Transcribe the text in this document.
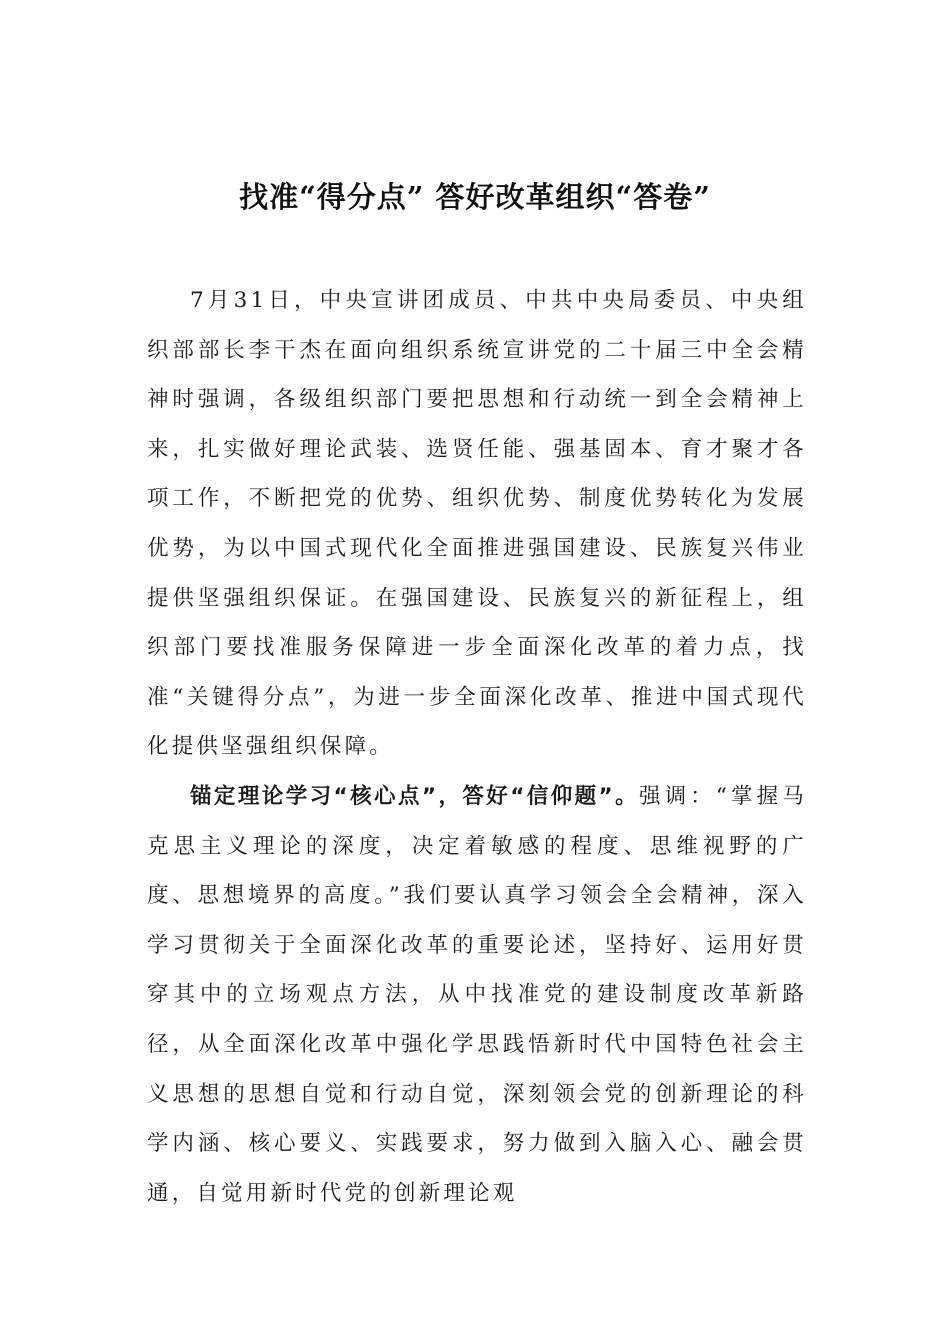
找准“得分点” 答好改革组织“答卷”

7月31日，中央宣讲团成员、中共中央局委员、中央组织部部长李干杰在面向组织系统宣讲党的二十届三中全会精神时强调，各级组织部门要把思想和行动统一到全会精神上来，扎实做好理论武装、选贤任能、强基固本、育才聚才各项工作，不断把党的优势、组织优势、制度优势转化为发展优势，为以中国式现代化全面推进强国建设、民族复兴伟业提供坚强组织保证。在强国建设、民族复兴的新征程上，组织部门要找准服务保障进一步全面深化改革的着力点，找准“关键得分点”，为进一步全面深化改革、推进中国式现代化提供坚强组织保障。

锚定理论学习“核心点”，答好“信仰题”。强调：“掌握马克思主义理论的深度，决定着敏感的程度、思维视野的广度、思想境界的高度。”我们要认真学习领会全会精神，深入学习贯彻关于全面深化改革的重要论述，坚持好、运用好贯穿其中的立场观点方法，从中找准党的建设制度改革新路径，从全面深化改革中强化学思践悟新时代中国特色社会主义思想的思想自觉和行动自觉，深刻领会党的创新理论的科学内涵、核心要义、实践要求，努力做到入脑入心、融会贯通，自觉用新时代党的创新理论观
